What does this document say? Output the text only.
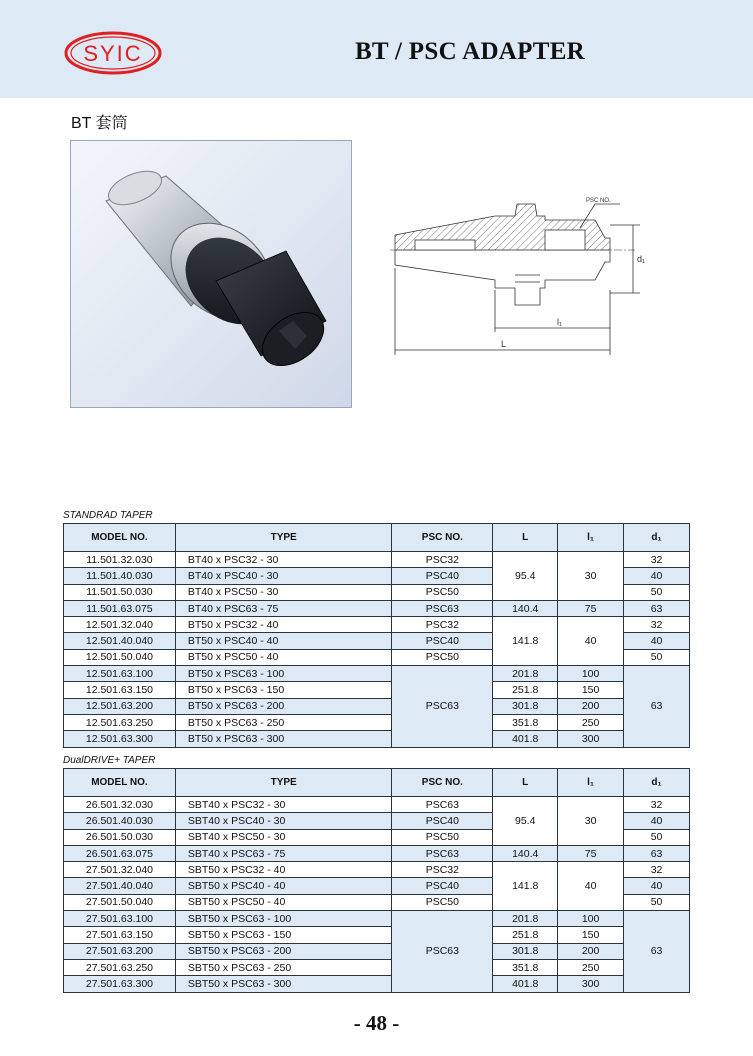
SYIC	BT / PSC ADAPTER
BT 套筒
PSC NO.
d₁
l₁
L
STANDRAD TAPER
MODEL NO.	TYPE	PSC NO.	L	l₁	d₁
11.501.32.030	BT40 x PSC32 - 30	PSC32	95.4	30	32
11.501.40.030	BT40 x PSC40 - 30	PSC40			40
11.501.50.030	BT40 x PSC50 - 30	PSC50			50
11.501.63.075	BT40 x PSC63 - 75	PSC63	140.4	75	63
12.501.32.040	BT50 x PSC32 - 40	PSC32	141.8	40	32
12.501.40.040	BT50 x PSC40 - 40	PSC40			40
12.501.50.040	BT50 x PSC50 - 40	PSC50			50
12.501.63.100	BT50 x PSC63 - 100	PSC63	201.8	100	63
12.501.63.150	BT50 x PSC63 - 150		251.8	150	
12.501.63.200	BT50 x PSC63 - 200		301.8	200	
12.501.63.250	BT50 x PSC63 - 250		351.8	250	
12.501.63.300	BT50 x PSC63 - 300		401.8	300	
DualDRIVE+ TAPER
MODEL NO.	TYPE	PSC NO.	L	l₁	d₁
26.501.32.030	SBT40 x PSC32 - 30	PSC63	95.4	30	32
26.501.40.030	SBT40 x PSC40 - 30	PSC40			40
26.501.50.030	SBT40 x PSC50 - 30	PSC50			50
26.501.63.075	SBT40 x PSC63 - 75	PSC63	140.4	75	63
27.501.32.040	SBT50 x PSC32 - 40	PSC32	141.8	40	32
27.501.40.040	SBT50 x PSC40 - 40	PSC40			40
27.501.50.040	SBT50 x PSC50 - 40	PSC50			50
27.501.63.100	SBT50 x PSC63 - 100	PSC63	201.8	100	63
27.501.63.150	SBT50 x PSC63 - 150		251.8	150	
27.501.63.200	SBT50 x PSC63 - 200		301.8	200	
27.501.63.250	SBT50 x PSC63 - 250		351.8	250	
27.501.63.300	SBT50 x PSC63 - 300		401.8	300	
- 48 -
